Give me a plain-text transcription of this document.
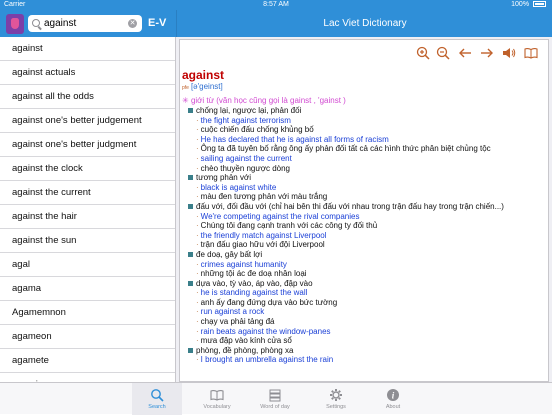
Carrier	8:57 AM	100%
against
✕ E-V
against
against actuals
against all the odds
against one's better judgement
against one's better judgment
against the clock
against the current
against the hair
against the sun
agal
agama
Agamemnon
agameon
agamete
Lac Viet Dictionary
against
pfe [ə'geinst]
✳ giới từ (văn học cũng gọi là gainst , 'gainst )
chống lại, ngược lại, phản đối
· the fight against terrorism
· cuộc chiến đấu chống khủng bố
· He has declared that he is against all forms of racism
· Ông ta đã tuyên bố rằng ông ấy phản đối tất cả các hình thức phân biệt chủng tộc
· sailing against the current
· chèo thuyền ngược dòng
tương phản với
· black is against white
· màu đen tương phản với màu trắng
đấu với, đối đầu với (chỉ hai bên thi đấu với nhau trong trận đấu hay trong trận chiến...)
· We're competing against the rival companies
· Chúng tôi đang cạnh tranh với các công ty đối thủ
· the friendly match against Liverpool
· trận đấu giao hữu với đội Liverpool
đe doạ, gây bất lợi
· crimes against humanity
· những tội ác đe doạ nhân loại
dựa vào, tỳ vào, áp vào, đập vào
· he is standing against the wall
· anh ấy đang đứng dựa vào bức tường
· run against a rock
· chạy va phải tảng đá
· rain beats against the window-panes
· mưa đập vào kính cửa sổ
phòng, đề phòng, phòng xa
· I brought an umbrella against the rain
Search	Vocabulary	Word of day	Settings
i
About
